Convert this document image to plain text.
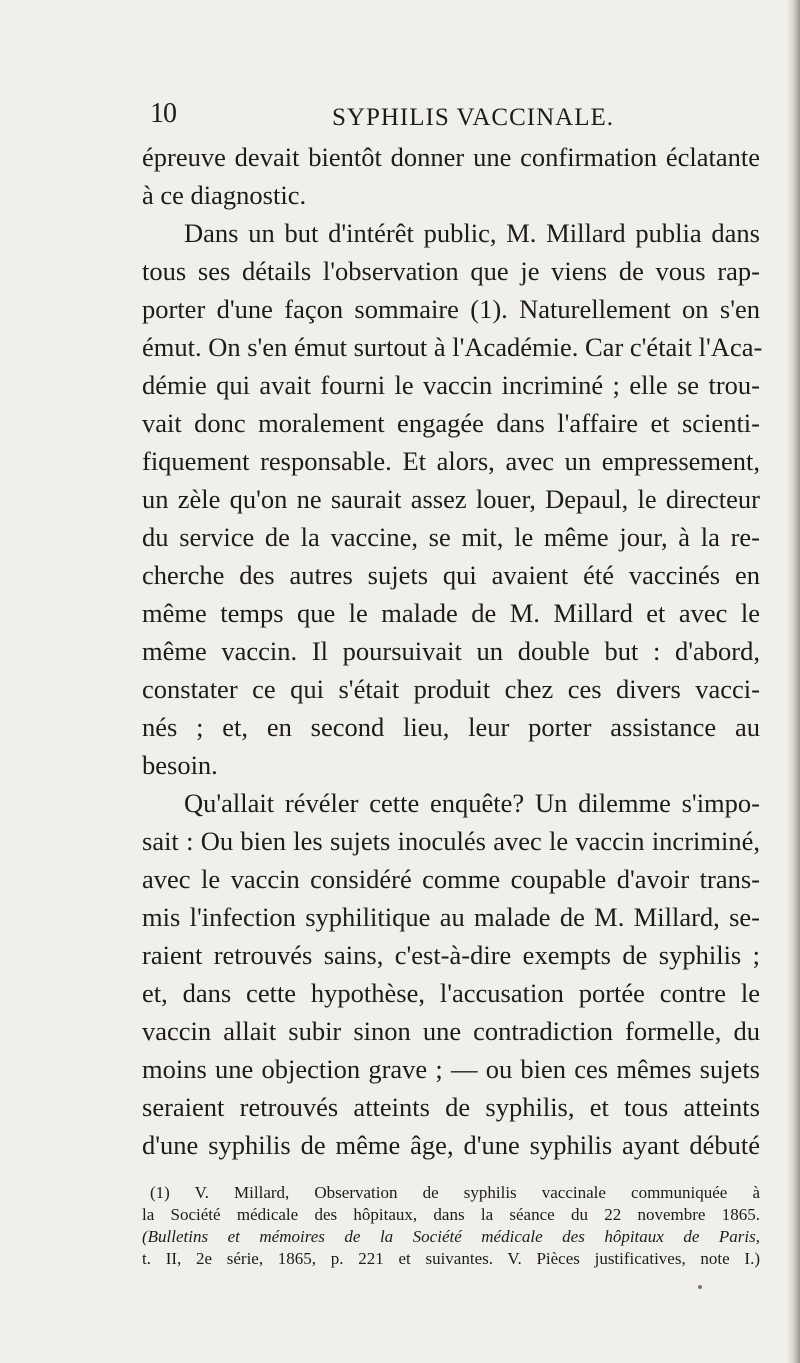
10	SYPHILIS VACCINALE.
épreuve devait bientôt donner une confirmation éclatante
à ce diagnostic.
Dans un but d'intérêt public, M. Millard publia dans
tous ses détails l'observation que je viens de vous rap-
porter d'une façon sommaire (1). Naturellement on s'en
émut. On s'en émut surtout à l'Académie. Car c'était l'Aca-
démie qui avait fourni le vaccin incriminé ; elle se trou-
vait donc moralement engagée dans l'affaire et scienti-
fiquement responsable. Et alors, avec un empressement,
un zèle qu'on ne saurait assez louer, Depaul, le directeur
du service de la vaccine, se mit, le même jour, à la re-
cherche des autres sujets qui avaient été vaccinés en
même temps que le malade de M. Millard et avec le
même vaccin. Il poursuivait un double but : d'abord,
constater ce qui s'était produit chez ces divers vacci-
nés ; et, en second lieu, leur porter assistance au
besoin.
Qu'allait révéler cette enquête? Un dilemme s'impo-
sait : Ou bien les sujets inoculés avec le vaccin incriminé,
avec le vaccin considéré comme coupable d'avoir trans-
mis l'infection syphilitique au malade de M. Millard, se-
raient retrouvés sains, c'est-à-dire exempts de syphilis ;
et, dans cette hypothèse, l'accusation portée contre le
vaccin allait subir sinon une contradiction formelle, du
moins une objection grave ; — ou bien ces mêmes sujets
seraient retrouvés atteints de syphilis, et tous atteints
d'une syphilis de même âge, d'une syphilis ayant débuté
(1) V. Millard, Observation de syphilis vaccinale communiquée à
la Société médicale des hôpitaux, dans la séance du 22 novembre 1865.
(Bulletins et mémoires de la Société médicale des hôpitaux de Paris,
t. II, 2e série, 1865, p. 221 et suivantes. V. Pièces justificatives, note I.)
